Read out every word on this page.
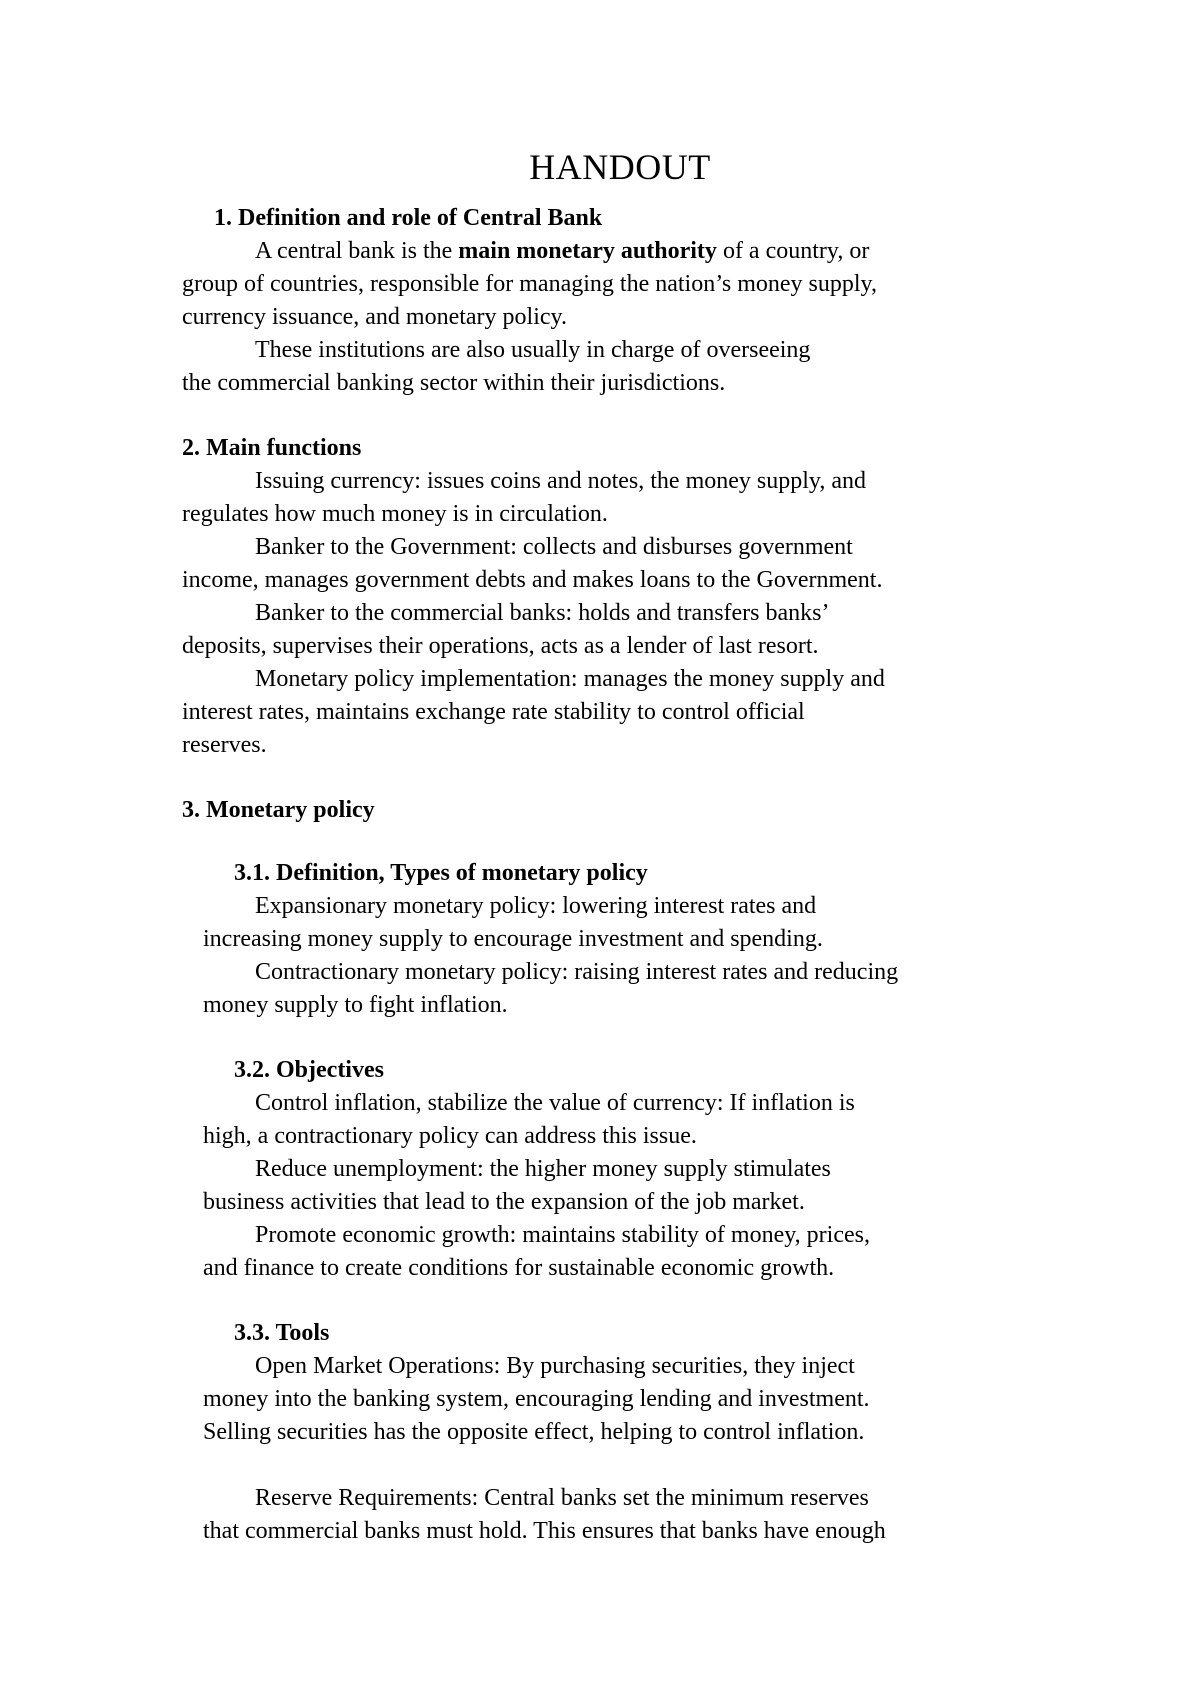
HANDOUT

1. Definition and role of Central Bank

A central bank is the main monetary authority of a country, or

group of countries, responsible for managing the nation’s money supply,

currency issuance, and monetary policy.

These institutions are also usually in charge of overseeing

the commercial banking sector within their jurisdictions.

2. Main functions

Issuing currency: issues coins and notes, the money supply, and

regulates how much money is in circulation.

Banker to the Government: collects and disburses government

income, manages government debts and makes loans to the Government.

Banker to the commercial banks: holds and transfers banks’

deposits, supervises their operations, acts as a lender of last resort.

Monetary policy implementation: manages the money supply and

interest rates, maintains exchange rate stability to control official

reserves.

3. Monetary policy

3.1. Definition, Types of monetary policy

Expansionary monetary policy: lowering interest rates and

increasing money supply to encourage investment and spending.

Contractionary monetary policy: raising interest rates and reducing

money supply to fight inflation.

3.2. Objectives

Control inflation, stabilize the value of currency: If inflation is

high, a contractionary policy can address this issue.

Reduce unemployment: the higher money supply stimulates

business activities that lead to the expansion of the job market.

Promote economic growth: maintains stability of money, prices,

and finance to create conditions for sustainable economic growth.

3.3. Tools

Open Market Operations: By purchasing securities, they inject

money into the banking system, encouraging lending and investment.

Selling securities has the opposite effect, helping to control inflation.

Reserve Requirements: Central banks set the minimum reserves

that commercial banks must hold. This ensures that banks have enough
